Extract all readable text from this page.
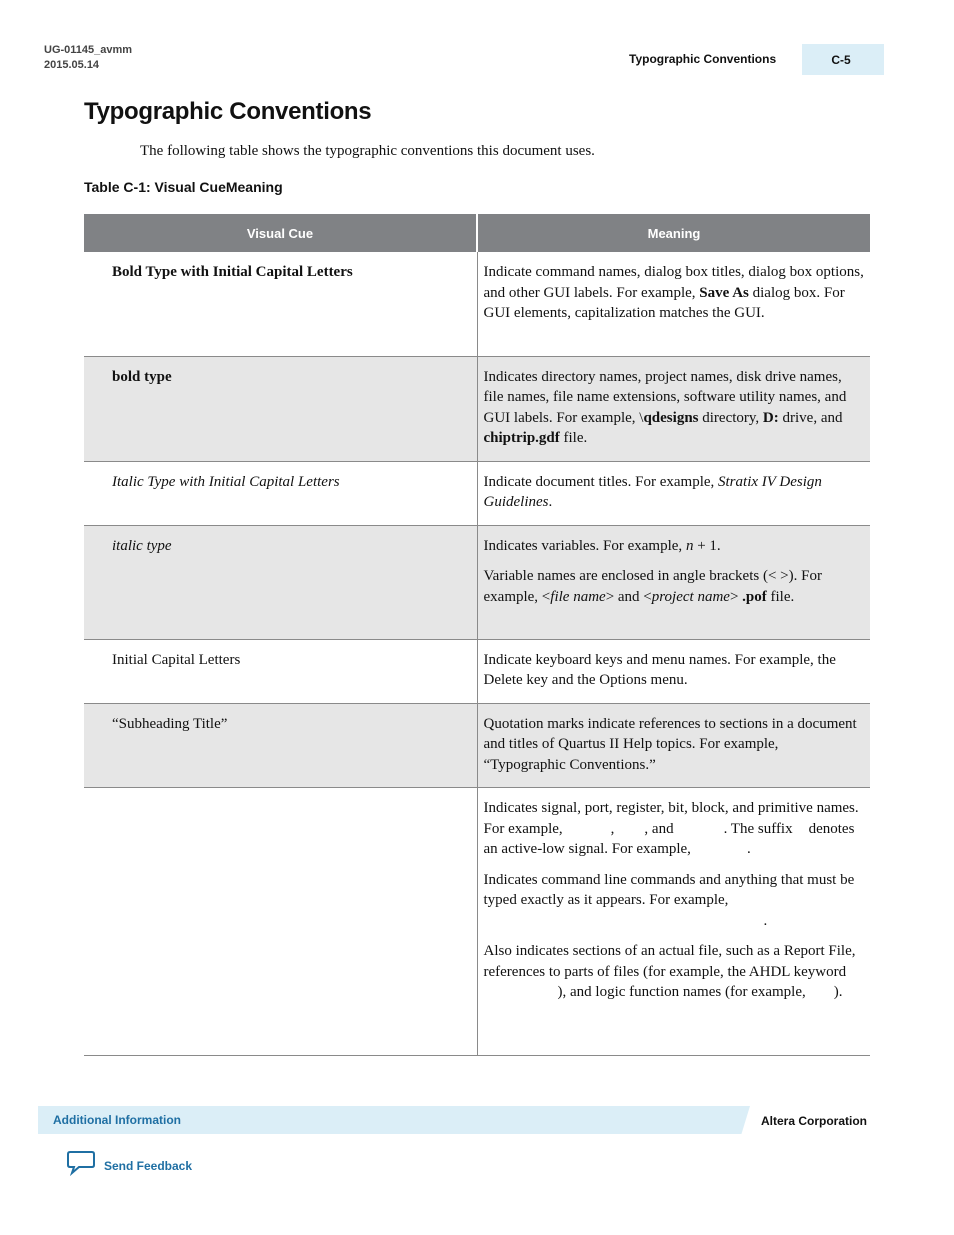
UG-01145_avmm
2015.05.14	Typographic Conventions	C-5
Typographic Conventions

The following table shows the typographic conventions this document uses.

Table C-1: Visual CueMeaning
Visual Cue	Meaning
Bold Type with Initial Capital Letters	Indicate command names, dialog box titles, dialog box options, and other GUI labels. For example, Save As dialog box. For GUI elements, capitalization matches the GUI.

bold type	Indicates directory names, project names, disk drive names, file names, file name extensions, software utility names, and GUI labels. For example, \qdesigns directory, D: drive, and chiptrip.gdf file.

Italic Type with Initial Capital Letters	Indicate document titles. For example, Stratix IV Design Guidelines.

italic type	Indicates variables. For example, n + 1.

Variable names are enclosed in angle brackets (< >). For example, <file name> and <project name> .pof file.

Initial Capital Letters	Indicate keyboard keys and menu names. For example, the Delete key and the Options menu.

“Subheading Title”	Quotation marks indicate references to sections in a document and titles of Quartus II Help topics. For example, “Typographic Conventions.”

	Indicates signal, port, register, bit, block, and primitive names. For example, , , and . The suffix denotes an active-low signal. For example, .

Indicates command line commands and anything that must be typed exactly as it appears. For example,.

Also indicates sections of an actual file, such as a Report File, references to parts of files (for example, the AHDL keyword), and logic function names (for example, ).

Additional Information	Altera Corporation
Send Feedback
